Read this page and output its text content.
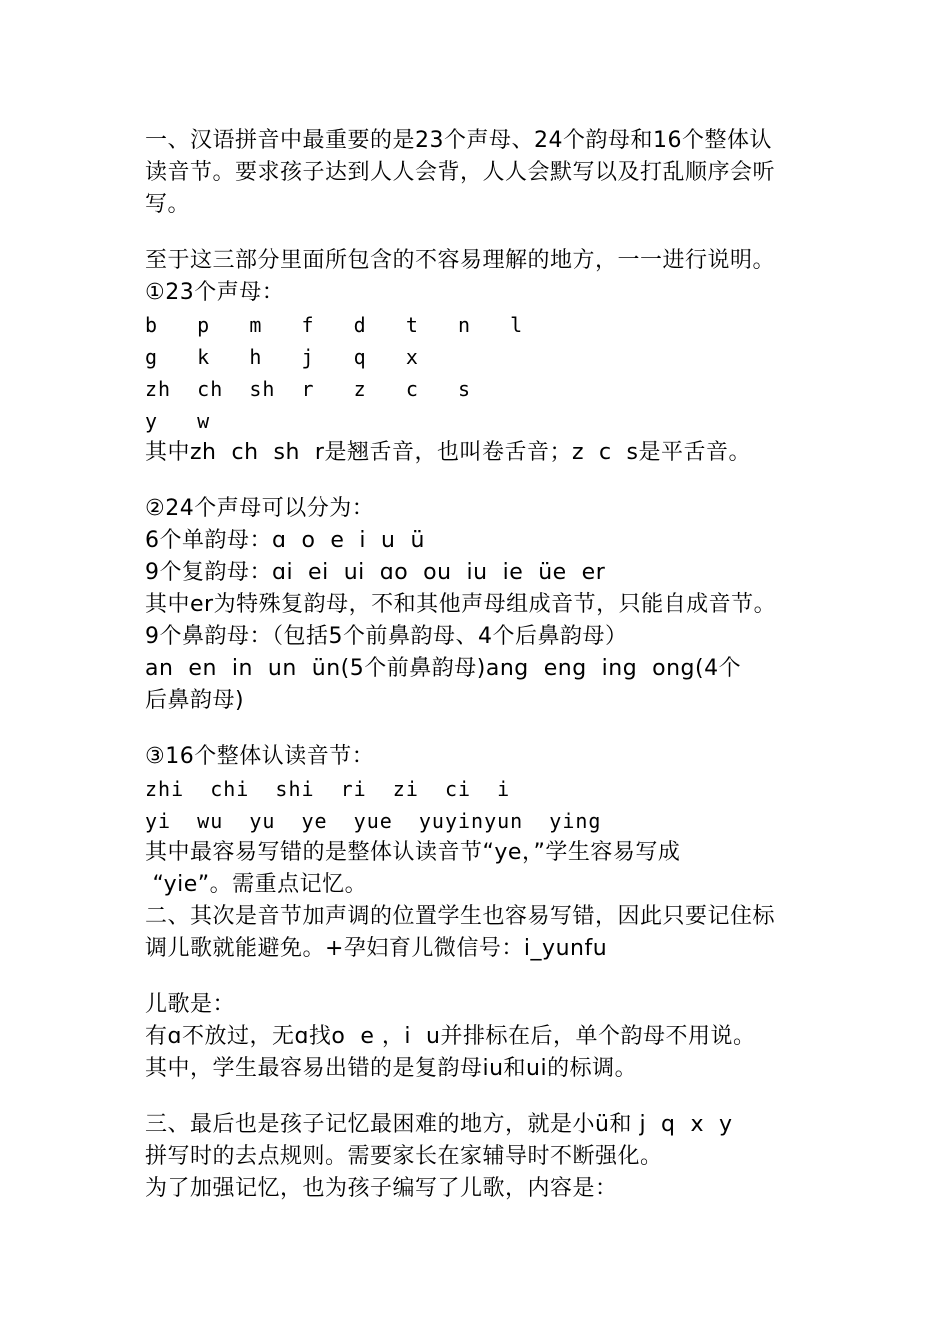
一、汉语拼音中最重要的是23个声母、24个韵母和16个整体认
读音节。要求孩子达到人人会背，人人会默写以及打乱顺序会听
写。
至于这三部分里面所包含的不容易理解的地方，一一进行说明。
①23个声母：
b   p   m   f   d   t   n   l
g   k   h   j   q   x
zh  ch  sh  r   z   c   s
y   w
其中zh  ch  sh  r是翘舌音，也叫卷舌音；z  c  s是平舌音。
②24个声母可以分为：
6个单韵母：ɑ  o  e  i  u  ü
9个复韵母：ɑi  ei  ui  ɑo  ou  iu  ie  üe  er
其中er为特殊复韵母，不和其他声母组成音节，只能自成音节。
9个鼻韵母：（包括5个前鼻韵母、4个后鼻韵母）
an  en  in  un  ün(5个前鼻韵母)ang  eng  ing  ong(4个
后鼻韵母)
③16个整体认读音节：
zhi  chi  shi  ri  zi  ci  i
yi  wu  yu  ye  yue  yuyinyun  ying
其中最容易写错的是整体认读音节“ye，”学生容易写成
“yie”。需重点记忆。
二、其次是音节加声调的位置学生也容易写错，因此只要记住标
调儿歌就能避免。+孕妇育儿微信号：i_yunfu
儿歌是：
有ɑ不放过，无ɑ找o  e ，i  u并排标在后，单个韵母不用说。
其中，学生最容易出错的是复韵母iu和ui的标调。
三、最后也是孩子记忆最困难的地方，就是小ü和 j  q  x  y
拼写时的去点规则。需要家长在家辅导时不断强化。
为了加强记忆，也为孩子编写了儿歌，内容是：
